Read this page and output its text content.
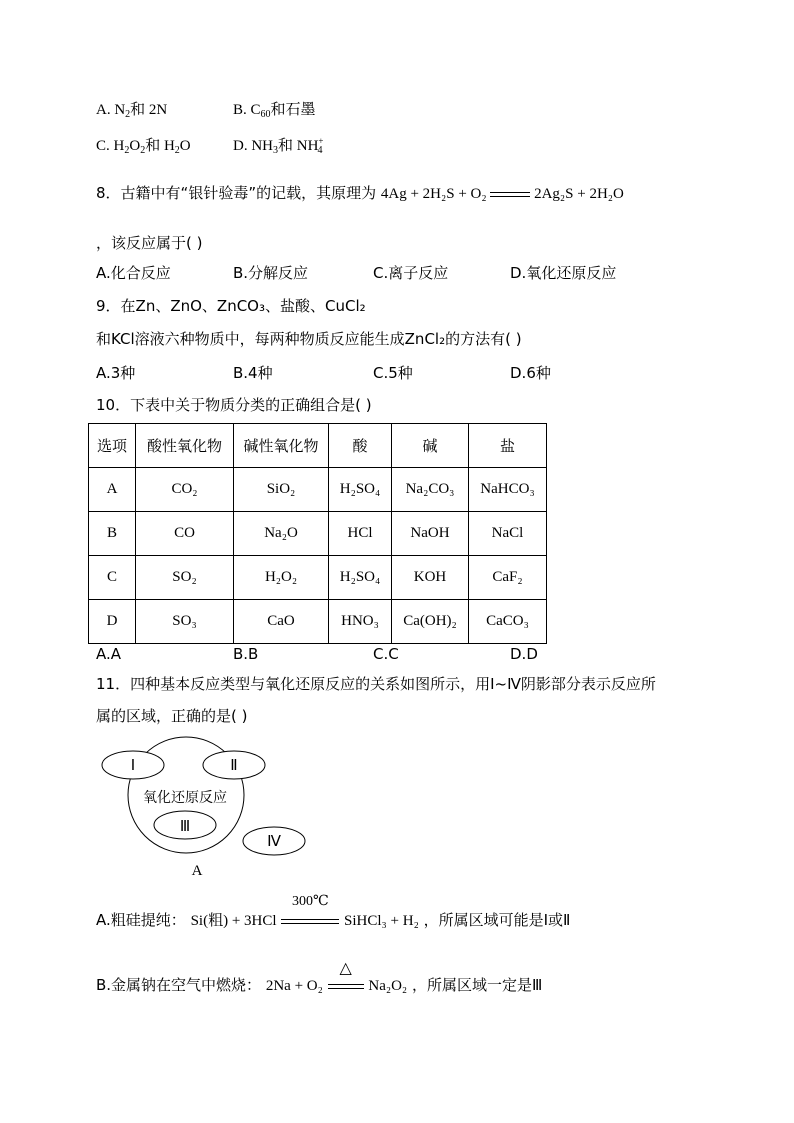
A. $N_2$和 2N	B. $C_{60}$和石墨
C. $H_2O_2$和 $H_2O$	D. $NH_3$和 $NH^+_4$
8．古籍中有“银针验毒”的记载，其原理为 4Ag + 2H₂S + O₂	2Ag₂S + 2H₂O
，该反应属于( )
A.化合反应	B.分解反应	C.离子反应	D.氧化还原反应
9．在Zn、ZnO、ZnCO₃、盐酸、CuCl₂
和KCl溶液六种物质中，每两种物质反应能生成ZnCl₂的方法有( )
A.3种	B.4种	C.5种	D.6种
10．下表中关于物质分类的正确组合是( )
选项	酸性氧化物	碱性氧化物	酸	碱	盐
A	CO₂	SiO₂	H₂SO₄	Na₂CO₃	NaHCO₃
B	CO	Na₂O	HCl	NaOH	NaCl
C	SO₂	H₂O₂	H₂SO₄	KOH	CaF₂
D	SO₃	CaO	HNO₃	Ca(OH)₂	CaCO₃
A.A	B.B	C.C	D.D
11．四种基本反应类型与氧化还原反应的关系如图所示，用Ⅰ~Ⅳ阴影部分表示反应所
属的区域，正确的是( )
Ⅰ	Ⅱ
氧化还原反应
Ⅲ
Ⅳ
A
A.粗硅提纯： Si(粗) + 3HCl
300℃
SiHCl₃ + H₂ ，所属区域可能是Ⅰ或Ⅱ
B.金属钠在空气中燃烧： 2Na + O₂
△
Na₂O₂ ，所属区域一定是Ⅲ
